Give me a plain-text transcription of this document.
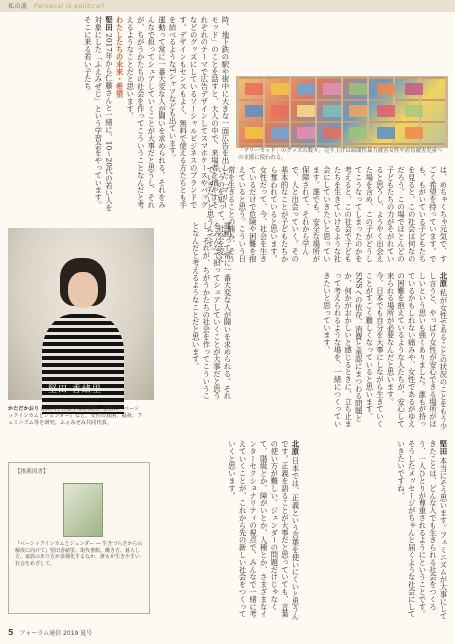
私の説 Personal is political!
時、地下鉄の駅や街中に大きな一面広告を出した「マリーモッド」のことを話すと、大人の中で、来場者を増やすそれぞれのテーマで広告デザインしてスマホケースやバッグなどのグッズにしているソーシャルビジネスのブランドです。デザインもセンスもよく、無料で使える方たちとも手を結べるようなTシャツなども出ています。
運動って常に一番大変な人が闘いを求められる。それをみんなで担ってシェアしていくことが大事だと思うし、それが、ちがうかたちの社会を作ってこういうことなんだと考えるようなことだと思います。
わたしたちの未来・希望
堅田 2017年から仁藤さんと一緒に、10〜20代の若い人を対象にした「ふえみぜじ」という学習会をやっています。そこに来る若い子たち
「マリーモッド」のグッズの数々。売り上げは暗闇性暴力被害女性や虐待被害児童への支援に使われる。
は、めちゃくちゃ元気で、すごく希望を持っています。でも、もがいている子どもたちを見ると、この社会は何なのだろう。この場でほとんどの子どもたちの力がそがれていると思うし、ようやく出会えた場を含め、この子がどうしてこうなってしまったのかを考えると、この社会で子どもたちを生きていけるような社会にしていきたいと思っています。誰でも、安全な場所が保障されて、それから学んで、人と出会っていく。その基本的なことが子どもたちから奪われていると思います。女性だって、今、社会を生きているだけで危険や困難を抱えていると思う。こういう日常を生きることの痛み、そういうのを知って、社会を変えていきたいと思うんです。
堅田 香緒里	運動って常に一番大変な人が闘いを求められる。それをみんなで担ってシェアしていくことが大事だと思うし、それが、ちがうかたちの社会を作ってこういうことなんだと考えるようなことだと思います。	北原 私が女性であることの状況のことをもう少し言うと、やっぱり女性が安心できる場所がほしいという思いも強くありました。誰もが持っているかもしれない痛みや、女性であるがゆえの困難を抱えているような人たちが、安心して来られる場所が必要なんだと思います。
今、日本でも自分を大事にしながら生きていくことがすごく難しくなっていると思います。SNSへの依存、消費と承認にまつわる問題とか、何かがおかしいと感じるときに、立ち止まって考えられるような場を、一緒につくっていきたいと思っています。
かただかおり 法政大学社会学部准教授。著書に『ベーシックインカムとジェンダー』など。女性の貧困、福祉、フェミニズム等を研究。ふぇみぜみ共同代表。
【推薦図書】
『ベーシックインカムとジェンダー — 生きづらさからの解放に向けて』堅田香緒里、現代書館。働き方、暮らし方、家族のあり方が多様化するなか、誰もが生きやすい社会をめざして。
北原 日本では、正義という言葉を使いにくいと思うんです。正義を語ることが大事だと思っていても、言葉の使い方が難しい。ジェンダーの問題だけじゃなくて、階級とか、障がいとか、人種とか、さまざまなインターセクショナリティの視点で、みんなで一緒に考えていくことが、これから先の新しい社会をつくっていくと思います。	堅田 本当にそう思います。フェミニズムが大事にしてきたことは、どんな人でも生きられる社会をつくろう、一人ひとりが尊重されるようにということです。そうしたメッセージがちゃんと届くような社会にしていきたいですね。
5 フォーラム通信 2019 夏号
